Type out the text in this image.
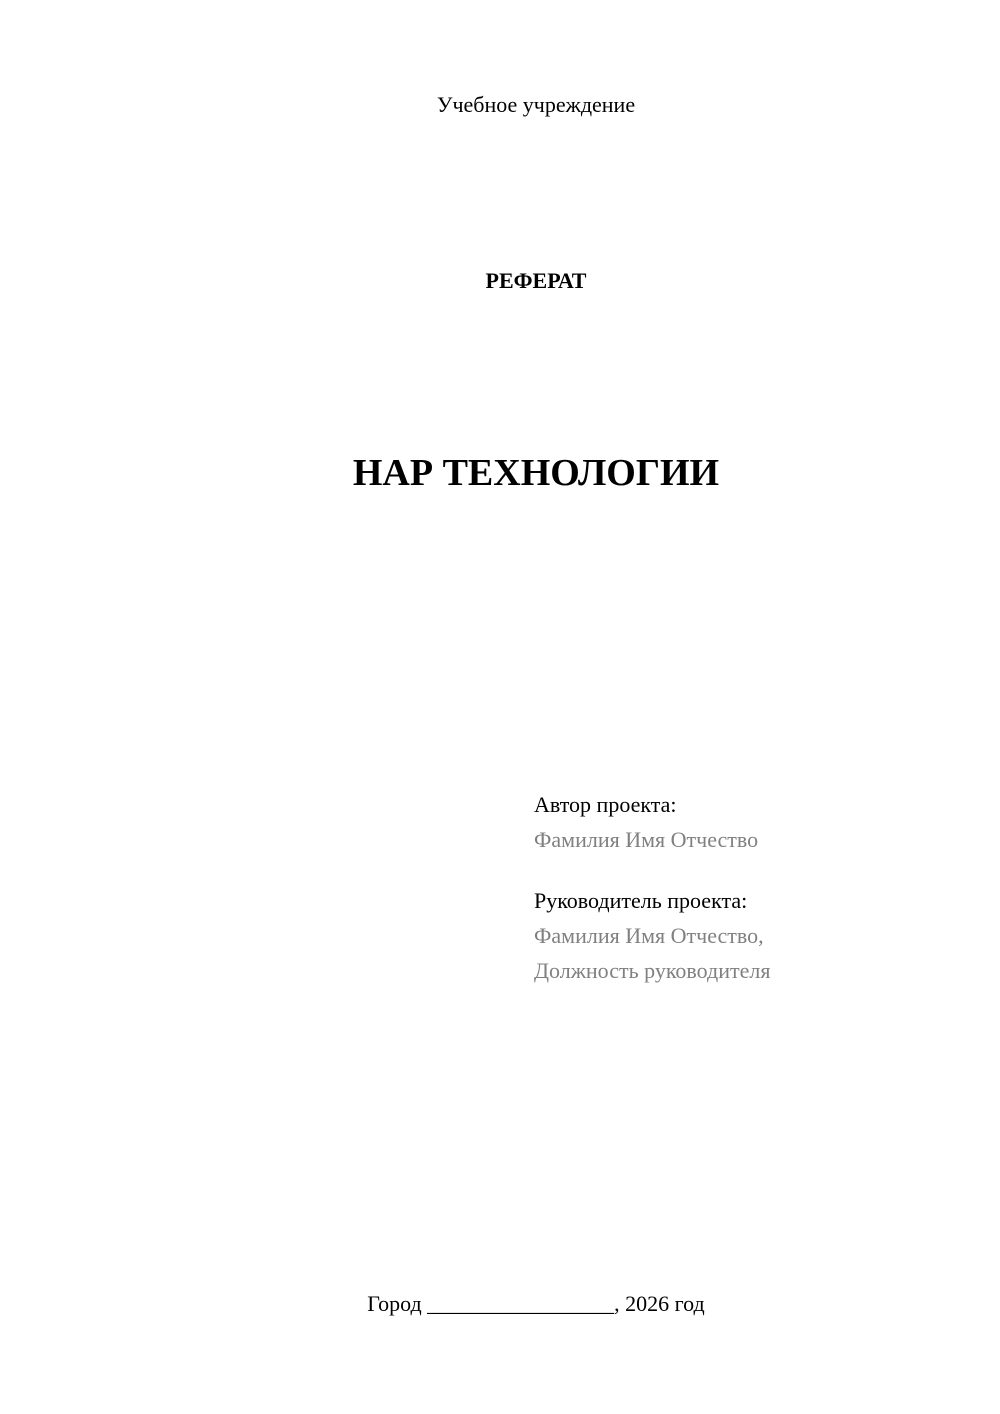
Учебное учреждение
РЕФЕРАТ
НАР ТЕХНОЛОГИИ
Автор проекта:
Фамилия Имя Отчество
Руководитель проекта:
Фамилия Имя Отчество,
Должность руководителя
Город _________________, 2026 год
